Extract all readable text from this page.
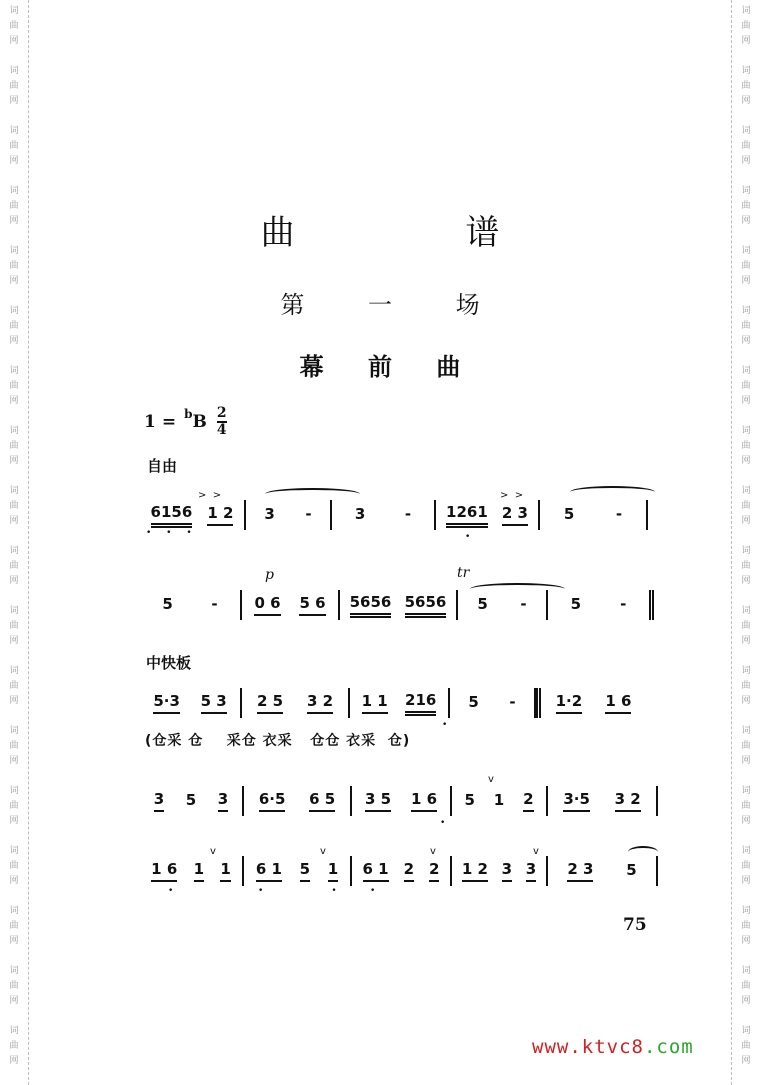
词
曲
网
词
曲
网
词
曲
网
词
曲
网
词
曲
网
词
曲
网
词
曲
网
词
曲
网
词
曲
网
词
曲
网
词
曲
网
词
曲
网
词
曲
网
词
曲
网
词
曲
网
词
曲
网
词
曲
网
词
曲
网
词
曲
网
词
曲
网
词
曲
网
词
曲
网
词
曲
网
词
曲
网
词
曲
网
词
曲
网
词
曲
网
词
曲
网
词
曲
网
词
曲
网
词
曲
网
词
曲
网
词
曲
网
词
曲
网
词
曲
网
词
曲
网
曲 谱
第 一 场
幕 前 曲
1 = b B $\frac{2}{4}$
自由
>  >	>  >
6156 1 2 3 -	3	- 1261 2 3 5	-
• • •	•
p	tr
5	- 0 6 5 6 5656 5656 5 -	5	-
中快板
5·3 5 3 2 5 3 2 1 1 216 5 -	1·2 1 6
•
(仓采 仓    采仓 衣采   仓仓 衣采  仓)
v
3 5 3 6·5 6 5 3 5 1 6 5 1 2 3·5 3 2
•
v	v	v	v
1 6 1 1 6 1 5 1 6 1 2 2 1 2 3 3 2 3 5
•	•       •	•
75
www.ktvc8.com
